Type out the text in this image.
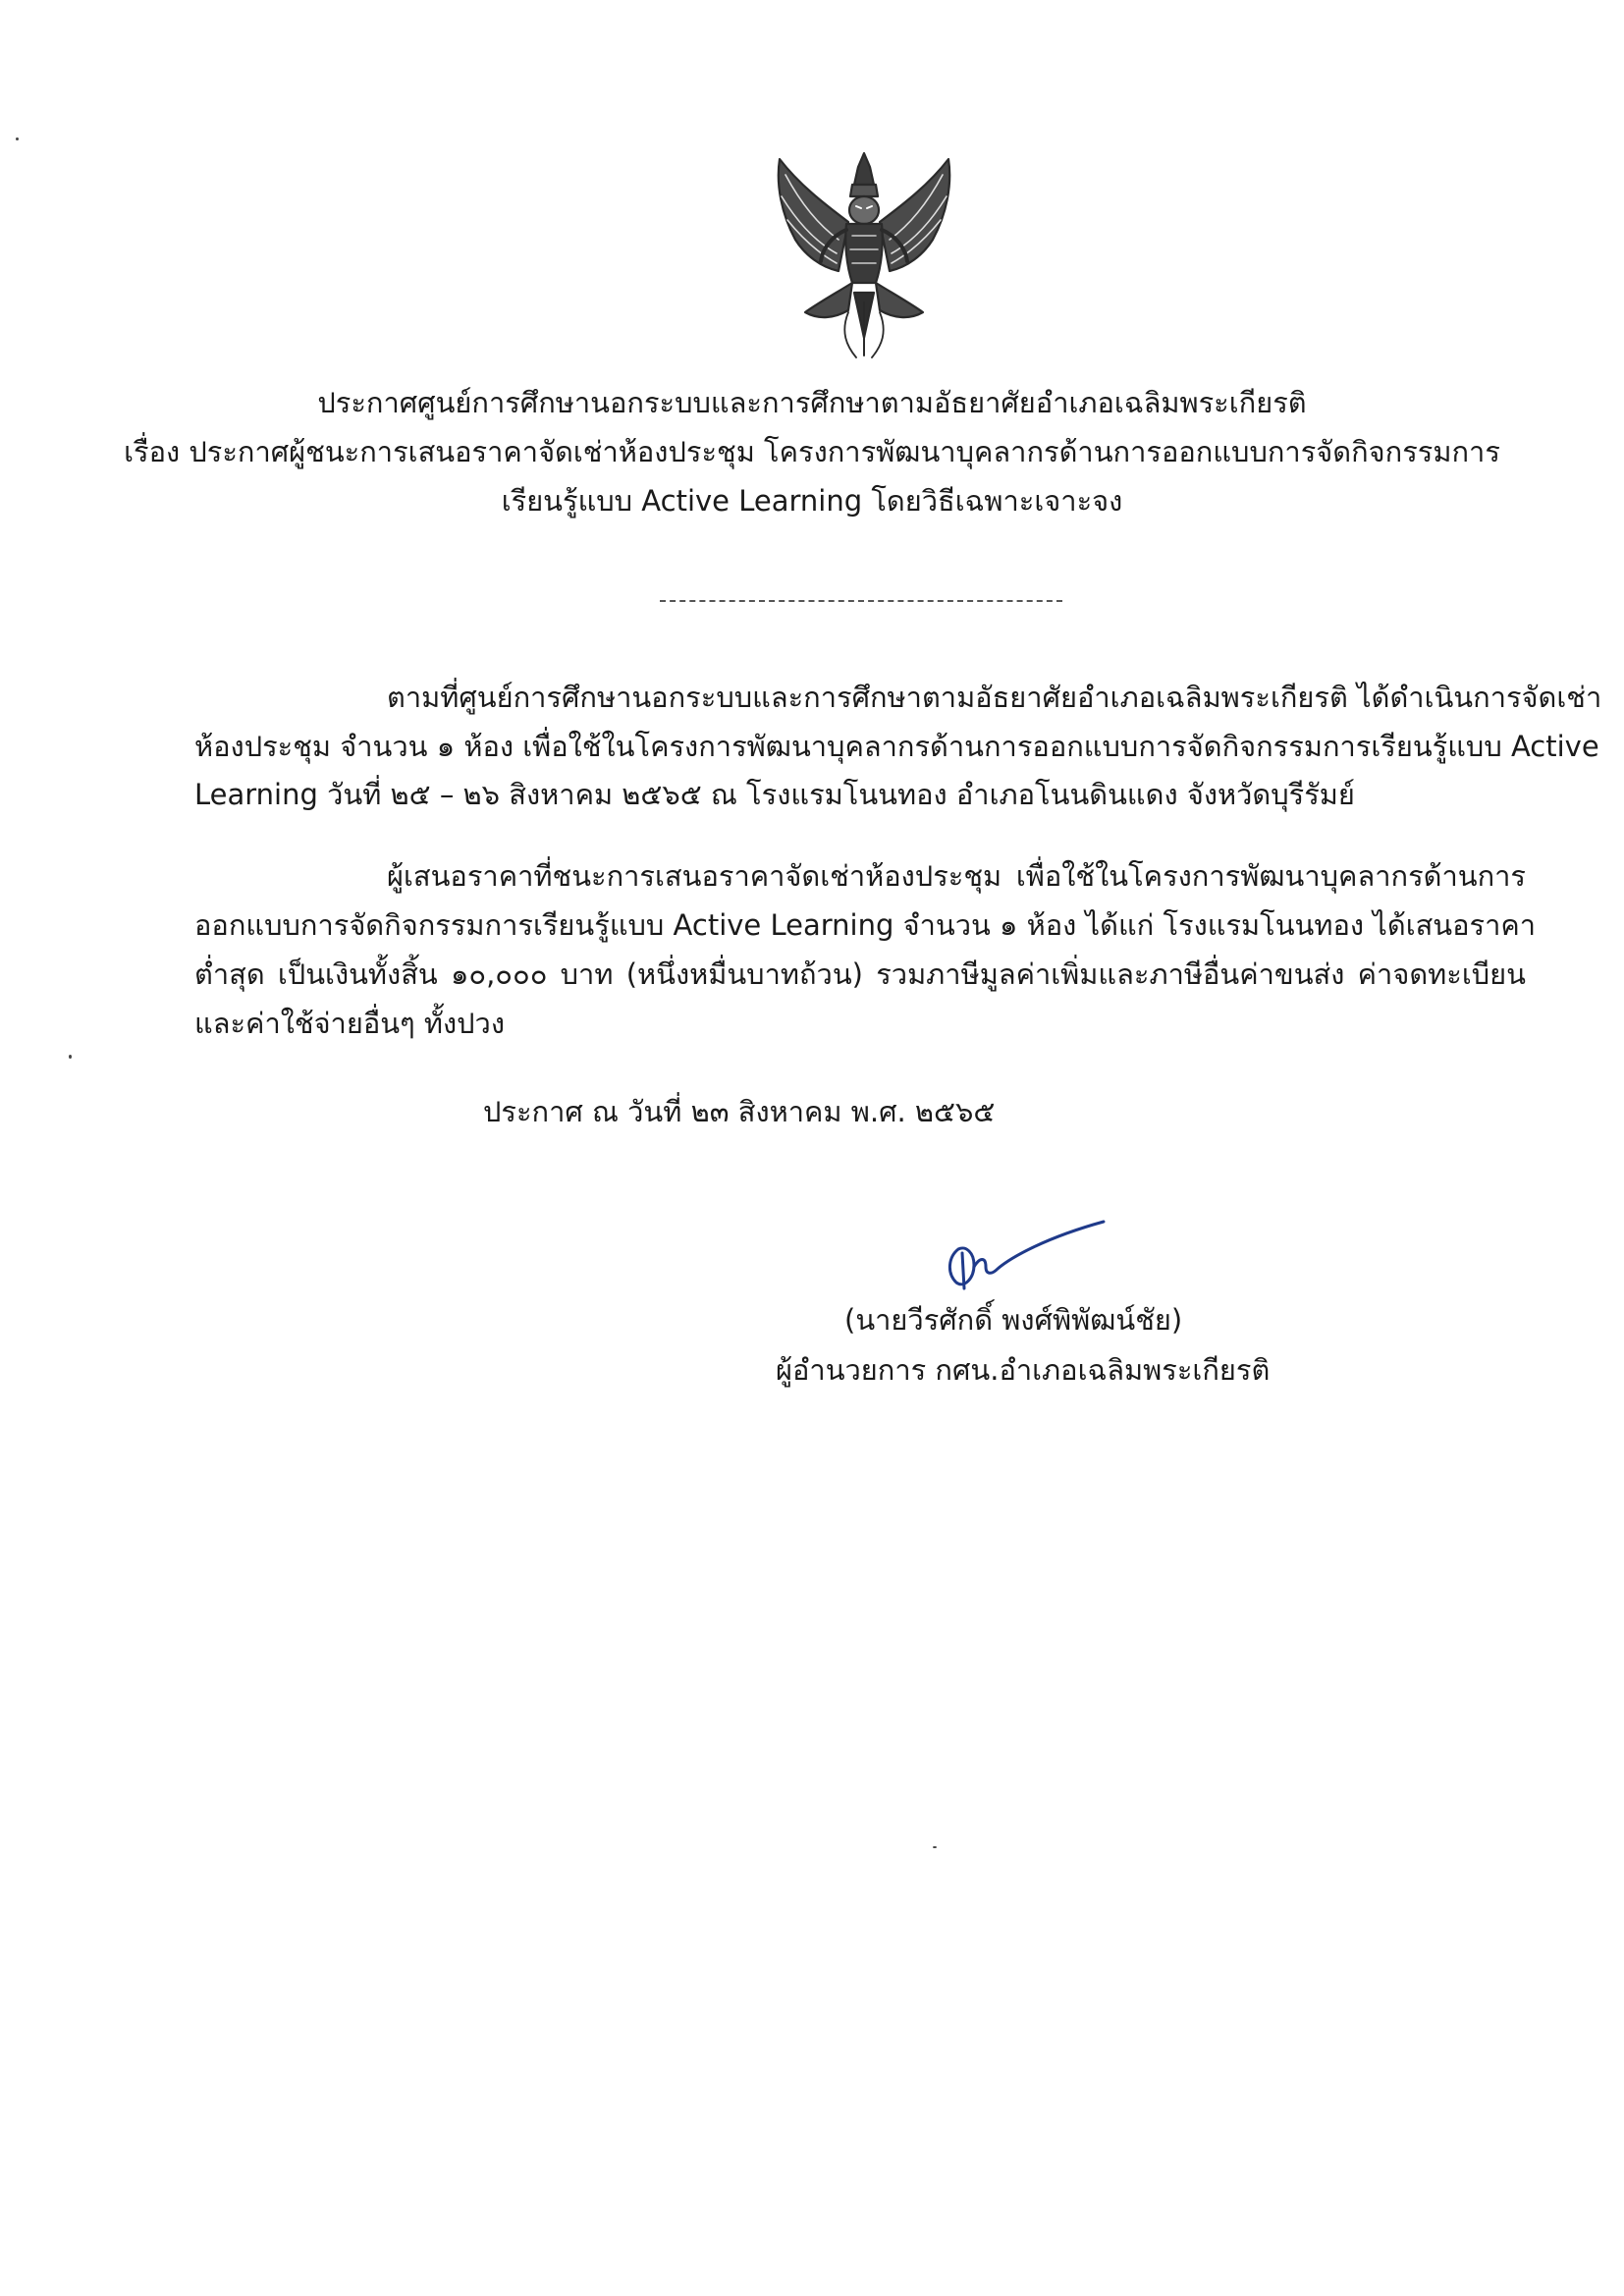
ประกาศศูนย์การศึกษานอกระบบและการศึกษาตามอัธยาศัยอำเภอเฉลิมพระเกียรติ
เรื่อง ประกาศผู้ชนะการเสนอราคาจัดเช่าห้องประชุม โครงการพัฒนาบุคลากรด้านการออกแบบการจัดกิจกรรมการ
เรียนรู้แบบ Active Learning โดยวิธีเฉพาะเจาะจง
ตามที่ศูนย์การศึกษานอกระบบและการศึกษาตามอัธยาศัยอำเภอเฉลิมพระเกียรติ ได้ดำเนินการจัดเช่า
ห้องประชุม จำนวน ๑ ห้อง เพื่อใช้ในโครงการพัฒนาบุคลากรด้านการออกแบบการจัดกิจกรรมการเรียนรู้แบบ Active
Learning วันที่ ๒๕ – ๒๖ สิงหาคม ๒๕๖๕ ณ โรงแรมโนนทอง อำเภอโนนดินแดง จังหวัดบุรีรัมย์
ผู้เสนอราคาที่ชนะการเสนอราคาจัดเช่าห้องประชุม เพื่อใช้ในโครงการพัฒนาบุคลากรด้านการ
ออกแบบการจัดกิจกรรมการเรียนรู้แบบ Active Learning จำนวน ๑ ห้อง ได้แก่ โรงแรมโนนทอง ได้เสนอราคา
ต่ำสุด เป็นเงินทั้งสิ้น ๑๐,๐๐๐ บาท (หนึ่งหมื่นบาทถ้วน) รวมภาษีมูลค่าเพิ่มและภาษีอื่นค่าขนส่ง ค่าจดทะเบียน
และค่าใช้จ่ายอื่นๆ ทั้งปวง
ประกาศ ณ วันที่ ๒๓ สิงหาคม พ.ศ. ๒๕๖๕
(นายวีรศักดิ์ พงศ์พิพัฒน์ชัย)
ผู้อำนวยการ กศน.อำเภอเฉลิมพระเกียรติ
